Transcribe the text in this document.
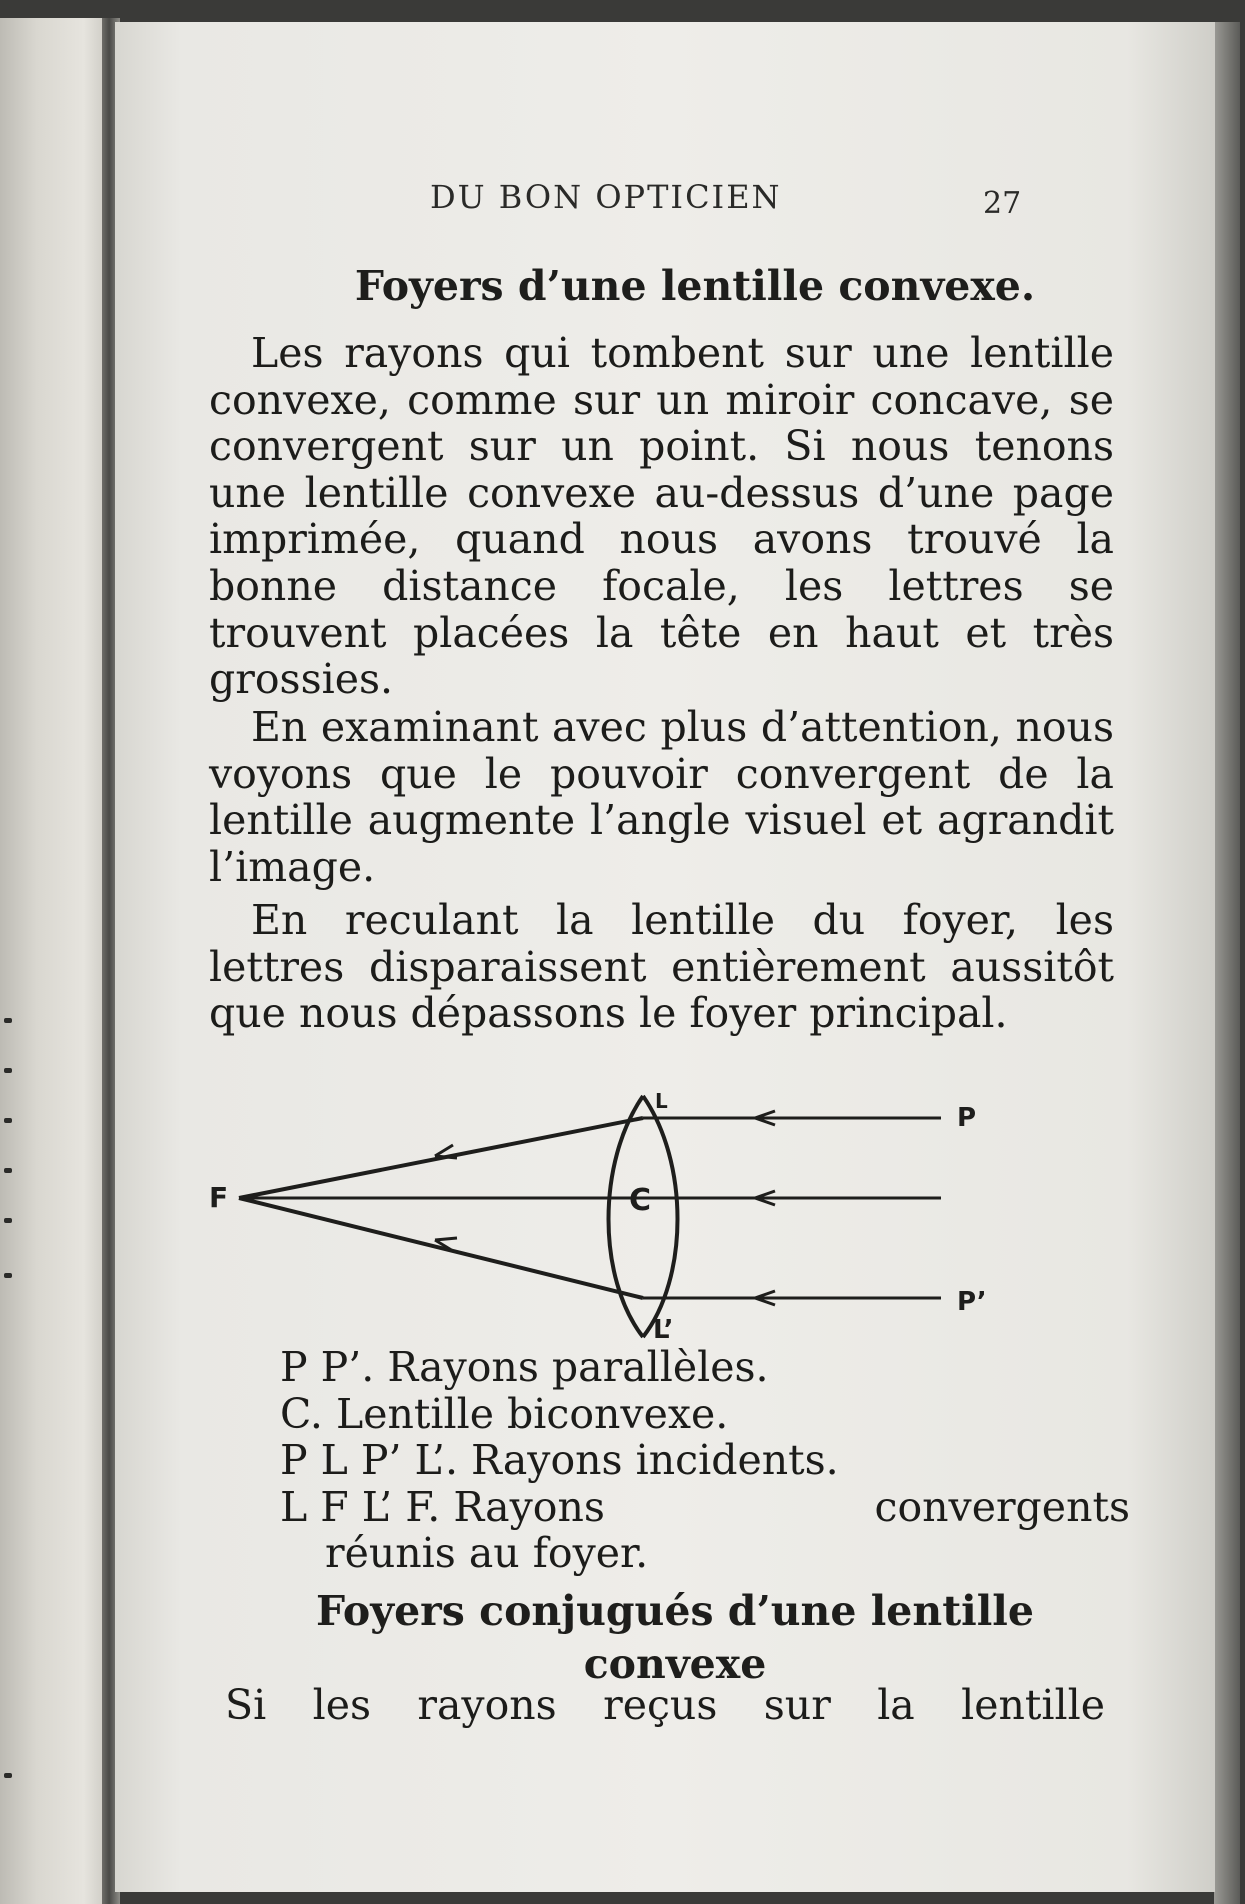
DU BON OPTICIEN	27
Foyers d’une lentille convexe.

Les rayons qui tombent sur une lentille convexe, comme sur un miroir concave, se convergent sur un point. Si nous tenons une lentille convexe au-dessus d’une page imprimée, quand nous avons trouvé la bonne distance focale, les lettres se trouvent placées la tête en haut et très grossies.

En examinant avec plus d’attention, nous voyons que le pouvoir convergent de la lentille augmente l’angle visuel et agrandit l’image.

En reculant la lentille du foyer, les lettres disparaissent entièrement aussitôt que nous dépassons le foyer principal.

F	C
L
L’
P
P’
P P’. Rayons parallèles.
C. Lentille biconvexe.
P L P’ L’. Rayons incidents.
L F L’ F. Rayons	convergents
réunis au foyer.
Foyers conjugués d’une lentille
convexe
Si les rayons reçus sur la lentille
